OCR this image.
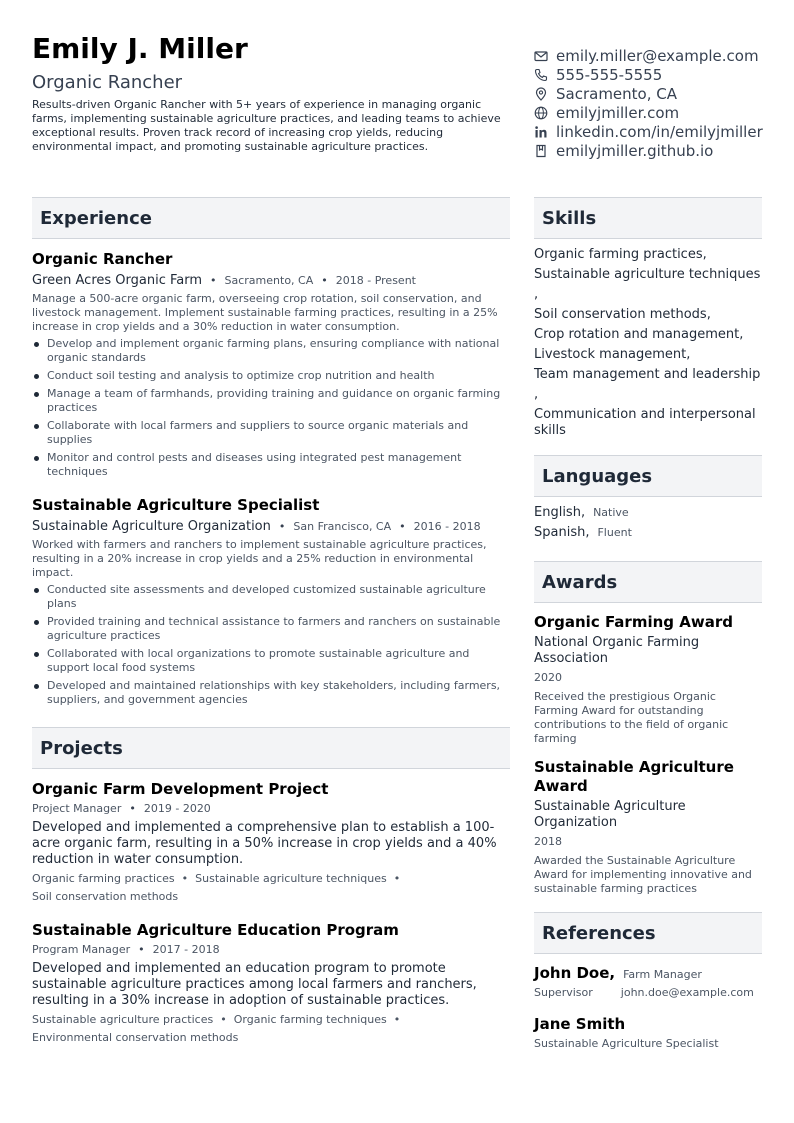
Emily J. Miller
Organic Rancher
Results-driven Organic Rancher with 5+ years of experience in managing organic farms, implementing sustainable agriculture practices, and leading teams to achieve exceptional results. Proven track record of increasing crop yields, reducing environmental impact, and promoting sustainable agriculture practices.
emily.miller@example.com
555-555-5555
Sacramento, CA
emilyjmiller.com
linkedin.com/in/emilyjmiller
emilyjmiller.github.io
Experience
Organic Rancher
Green Acres Organic Farm • Sacramento, CA • 2018 - Present
Manage a 500-acre organic farm, overseeing crop rotation, soil conservation, and livestock management. Implement sustainable farming practices, resulting in a 25% increase in crop yields and a 30% reduction in water consumption.
Develop and implement organic farming plans, ensuring compliance with national organic standards
Conduct soil testing and analysis to optimize crop nutrition and health
Manage a team of farmhands, providing training and guidance on organic farming practices
Collaborate with local farmers and suppliers to source organic materials and supplies
Monitor and control pests and diseases using integrated pest management techniques
Sustainable Agriculture Specialist
Sustainable Agriculture Organization • San Francisco, CA • 2016 - 2018
Worked with farmers and ranchers to implement sustainable agriculture practices, resulting in a 20% increase in crop yields and a 25% reduction in environmental impact.
Conducted site assessments and developed customized sustainable agriculture plans
Provided training and technical assistance to farmers and ranchers on sustainable agriculture practices
Collaborated with local organizations to promote sustainable agriculture and support local food systems
Developed and maintained relationships with key stakeholders, including farmers, suppliers, and government agencies
Projects
Organic Farm Development Project
Project Manager • 2019 - 2020
Developed and implemented a comprehensive plan to establish a 100-acre organic farm, resulting in a 50% increase in crop yields and a 40% reduction in water consumption.
Organic farming practices • Sustainable agriculture techniques •
Soil conservation methods
Sustainable Agriculture Education Program
Program Manager • 2017 - 2018
Developed and implemented an education program to promote sustainable agriculture practices among local farmers and ranchers, resulting in a 30% increase in adoption of sustainable practices.
Sustainable agriculture practices • Organic farming techniques •
Environmental conservation methods
Skills
Organic farming practices,
Sustainable agriculture techniques
,
Soil conservation methods,
Crop rotation and management,
Livestock management,
Team management and leadership
,
Communication and interpersonal skills
Languages
English, Native
Spanish, Fluent
Awards
Organic Farming Award
National Organic Farming Association
2020
Received the prestigious Organic Farming Award for outstanding contributions to the field of organic farming
Sustainable Agriculture Award
Sustainable Agriculture Organization
2018
Awarded the Sustainable Agriculture Award for implementing innovative and sustainable farming practices
References
John Doe, Farm Manager
Supervisor	john.doe@example.com
Jane Smith
Sustainable Agriculture Specialist
